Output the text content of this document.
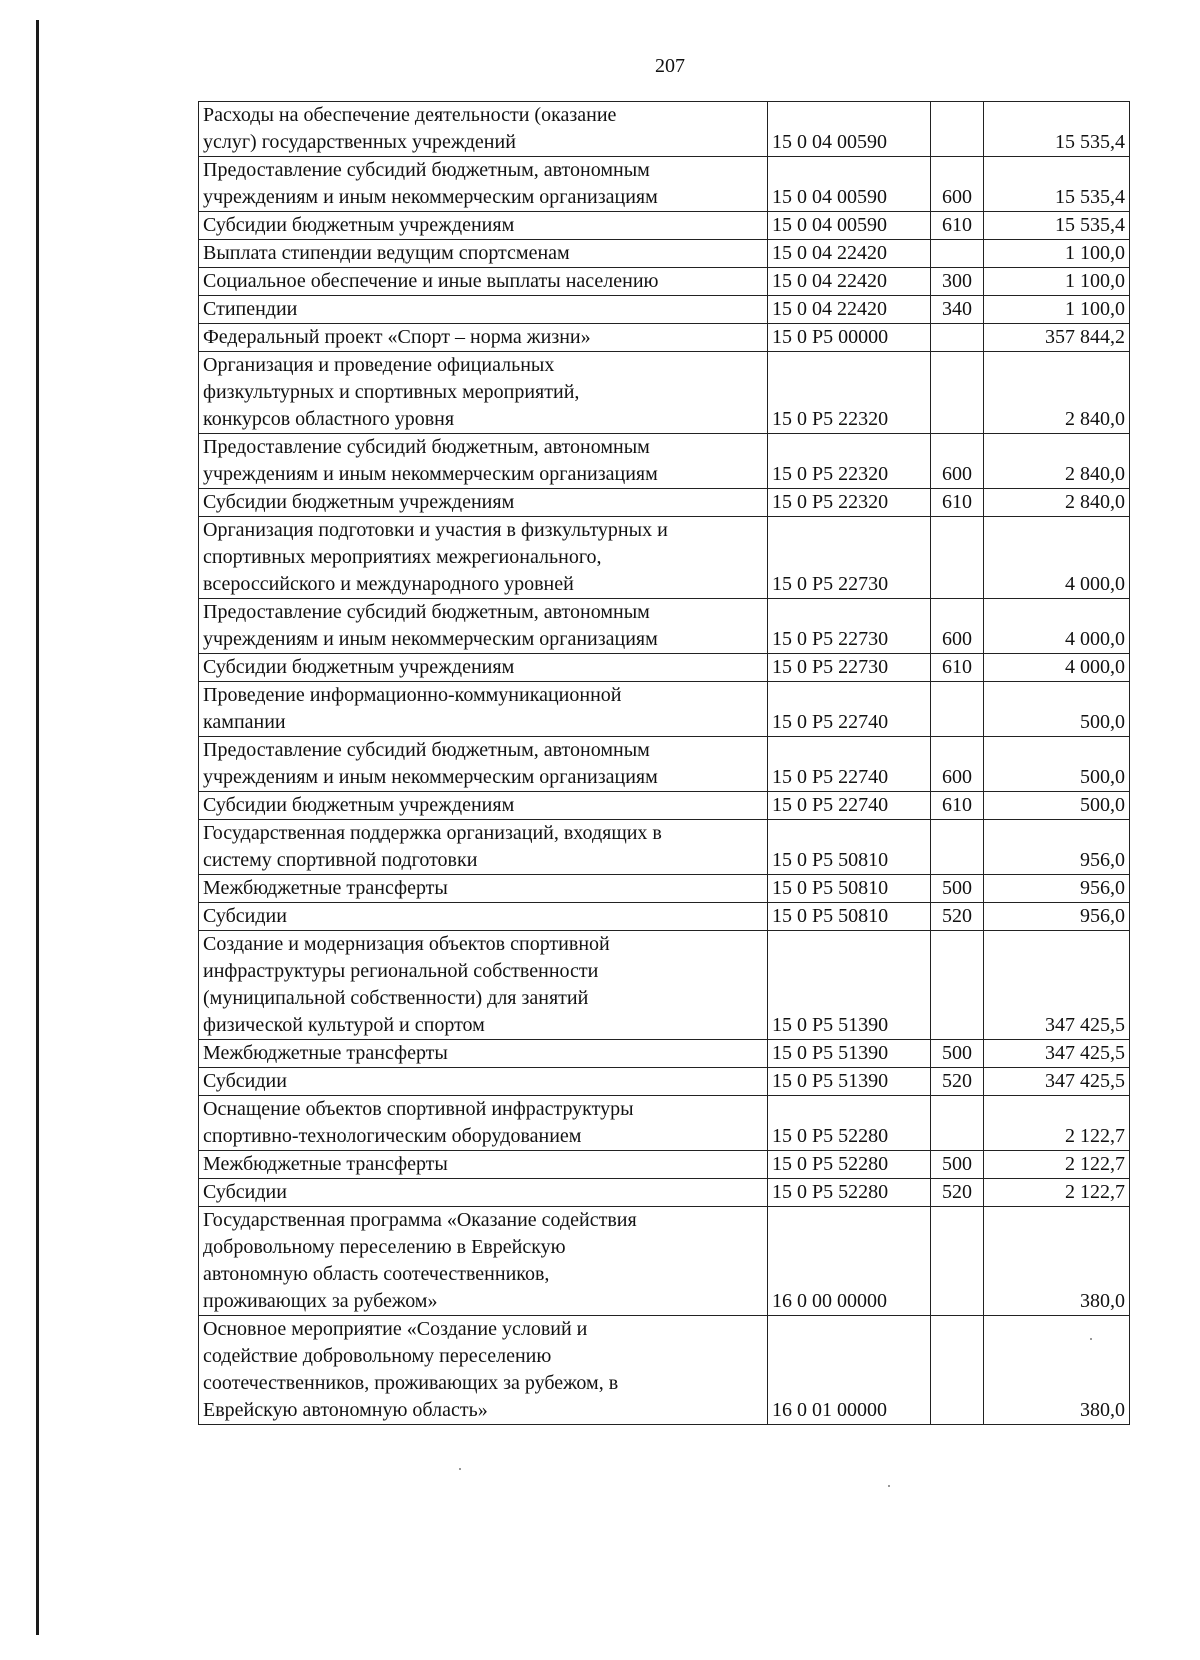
207
Расходы на обеспечение деятельности (оказание
услуг) государственных учреждений	15 0 04 00590		15 535,4

Предоставление субсидий бюджетным, автономным
учреждениям и иным некоммерческим организациям	15 0 04 00590	600	15 535,4

Субсидии бюджетным учреждениям	15 0 04 00590	610	15 535,4

Выплата стипендии ведущим спортсменам	15 0 04 22420		1 100,0

Социальное обеспечение и иные выплаты населению	15 0 04 22420	300	1 100,0

Стипендии	15 0 04 22420	340	1 100,0

Федеральный проект «Спорт – норма жизни»	15 0 P5 00000		357 844,2

Организация и проведение официальных
физкультурных и спортивных мероприятий,
конкурсов областного уровня	15 0 P5 22320		2 840,0

Предоставление субсидий бюджетным, автономным
учреждениям и иным некоммерческим организациям	15 0 P5 22320	600	2 840,0

Субсидии бюджетным учреждениям	15 0 P5 22320	610	2 840,0

Организация подготовки и участия в физкультурных и
спортивных мероприятиях межрегионального,
всероссийского и международного уровней	15 0 P5 22730		4 000,0

Предоставление субсидий бюджетным, автономным
учреждениям и иным некоммерческим организациям	15 0 P5 22730	600	4 000,0

Субсидии бюджетным учреждениям	15 0 P5 22730	610	4 000,0

Проведение информационно-коммуникационной
кампании	15 0 P5 22740		500,0

Предоставление субсидий бюджетным, автономным
учреждениям и иным некоммерческим организациям	15 0 P5 22740	600	500,0

Субсидии бюджетным учреждениям	15 0 P5 22740	610	500,0

Государственная поддержка организаций, входящих в
систему спортивной подготовки	15 0 P5 50810		956,0

Межбюджетные трансферты	15 0 P5 50810	500	956,0

Субсидии	15 0 P5 50810	520	956,0

Создание и модернизация объектов спортивной
инфраструктуры региональной собственности
(муниципальной собственности) для занятий
физической культурой и спортом	15 0 P5 51390		347 425,5

Межбюджетные трансферты	15 0 P5 51390	500	347 425,5

Субсидии	15 0 P5 51390	520	347 425,5

Оснащение объектов спортивной инфраструктуры
спортивно-технологическим оборудованием	15 0 P5 52280		2 122,7

Межбюджетные трансферты	15 0 P5 52280	500	2 122,7

Субсидии	15 0 P5 52280	520	2 122,7

Государственная программа «Оказание содействия
добровольному переселению в Еврейскую
автономную область соотечественников,
проживающих за рубежом»	16 0 00 00000		380,0

Основное мероприятие «Создание условий и
содействие добровольному переселению
соотечественников, проживающих за рубежом, в
Еврейскую автономную область»	16 0 01 00000		380,0
